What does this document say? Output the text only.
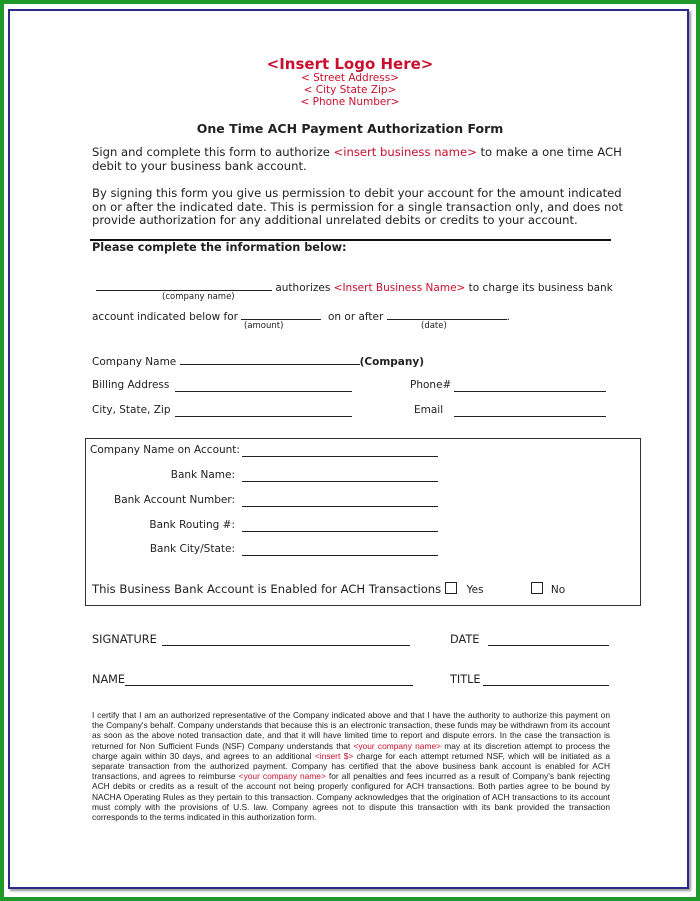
<Insert Logo Here>
< Street Address>
< City State Zip>
< Phone Number>
One Time ACH Payment Authorization Form
Sign and complete this form to authorize <insert business name> to make a one time ACH
debit to your business bank account.
By signing this form you give us permission to debit your account for the amount indicated
on or after the indicated date. This is permission for a single transaction only, and does not
provide authorization for any additional unrelated debits or credits to your account.
Please complete the information below:
authorizes <Insert Business Name> to charge its business bank
(company name)
account indicated below for	on or after	.
(amount)	(date)
Company Name	(Company)
Billing Address	Phone#
City, State, Zip	Email
Company Name on Account:
Bank Name:
Bank Account Number:
Bank Routing #:
Bank City/State:
This Business Bank Account is Enabled for ACH Transactions Yes	No
SIGNATURE	DATE
NAME	TITLE
I certify that I am an authorized representative of the Company indicated above and that I have the authority to authorize this payment on the Company's behalf. Company understands that because this is an electronic transaction, these funds may be withdrawn from its account as soon as the above noted transaction date, and that it will have limited time to report and dispute errors. In the case the transaction is returned for Non Sufficient Funds (NSF) Company understands that <your company name> may at its discretion attempt to process the charge again within 30 days, and agrees to an additional <insert $> charge for each attempt returned NSF, which will be initiated as a separate transaction from the authorized payment. Company has certified that the above business bank account is enabled for ACH transactions, and agrees to reimburse <your company name> for all penalties and fees incurred as a result of Company's bank rejecting ACH debits or credits as a result of the account not being properly configured for ACH transactions. Both parties agree to be bound by NACHA Operating Rules as they pertain to this transaction. Company acknowledges that the origination of ACH transactions to its account must comply with the provisions of U.S. law. Company agrees not to dispute this transaction with its bank provided the transaction corresponds to the terms indicated in this authorization form.
